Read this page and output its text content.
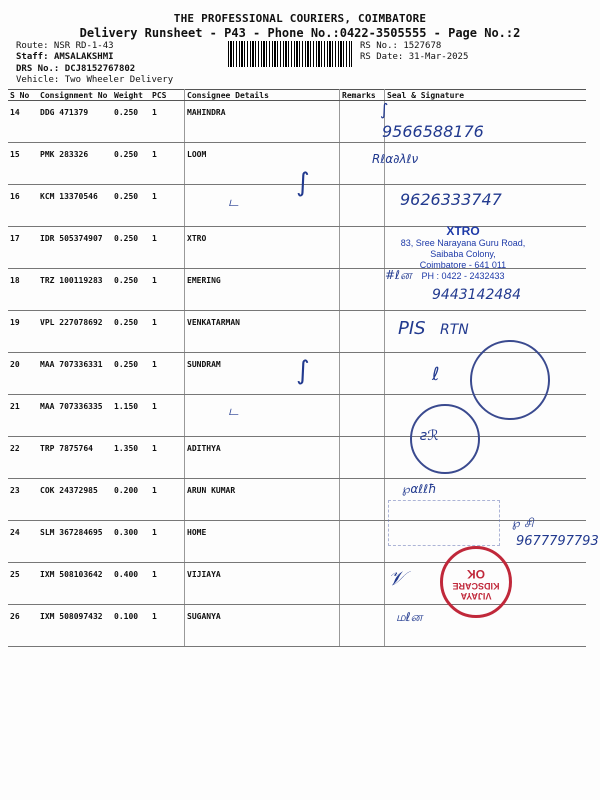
THE PROFESSIONAL COURIERS, COIMBATORE
Delivery Runsheet - P43 - Phone No.:0422-3505555 - Page No.:2
Route: NSR RD-1-43
Staff: AMSALAKSHMI
DRS No.: DCJ8152767802
Vehicle: Two Wheeler Delivery
RS No.: 1527678
RS Date: 31-Mar-2025
S No	Consignment No	Weight	PCS	Consignee Details	Remarks	Seal & Signature
14	DDG 471379	0.250	1	MAHINDRA		
15	PMK 283326	0.250	1	LOOM		
16	KCM 13370546	0.250	1			
17	IDR 505374907	0.250	1	XTRO		
18	TRZ 100119283	0.250	1	EMERING		
19	VPL 227078692	0.250	1	VENKATARMAN		
20	MAA 707336331	0.250	1	SUNDRAM		
21	MAA 707336335	1.150	1			
22	TRP 7875764	1.350	1	ADITHYA		
23	COK 24372985	0.200	1	ARUN KUMAR		
24	SLM 367284695	0.300	1	HOME		
25	IXM 508103642	0.400	1	VIJIAYA		
26	IXM 508097432	0.100	1	SUGANYA		
∫
9566588176
Rℓα∂λℓν
9626333747
∫
ட
XTRO
83, Sree Narayana Guru Road,
Saibaba Colony,
Coimbatore - 641 011
PH : 0422 - 2432433
#ℓன
9443142484
PIS RTN
ℓ
∫
ட
ƨℛ
℘αℓℓħ
℘ சி
9677797793
VIJAYA
KIDSCARE
OK
𝒱
மℓன
